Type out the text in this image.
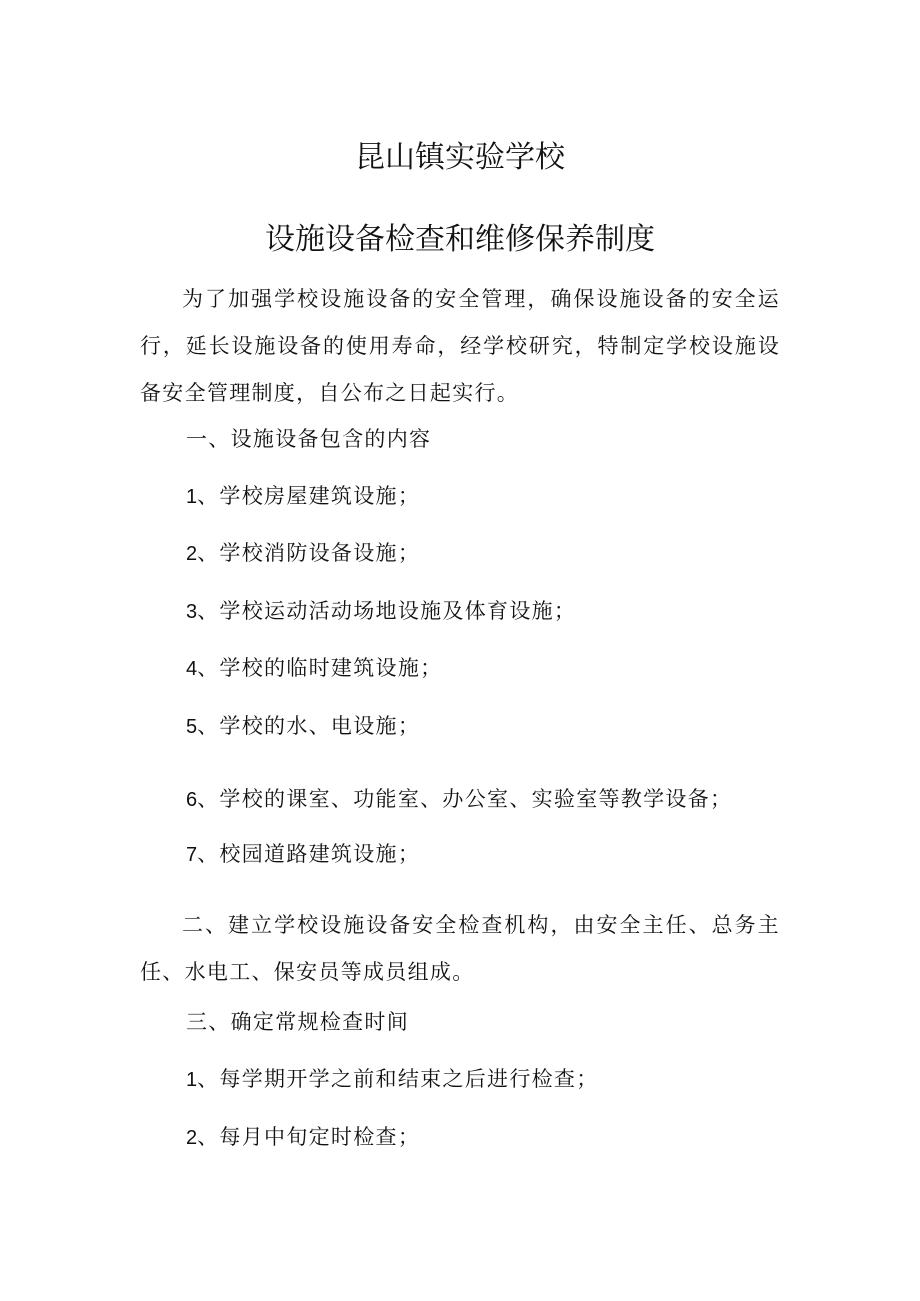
昆山镇实验学校
设施设备检查和维修保养制度

为了加强学校设施设备的安全管理，确保设施设备的安全运行，延长设施设备的使用寿命，经学校研究，特制定学校设施设备安全管理制度，自公布之日起实行。

一、设施设备包含的内容
1、学校房屋建筑设施；
2、学校消防设备设施；
3、学校运动活动场地设施及体育设施；
4、学校的临时建筑设施；
5、学校的水、电设施；
6、学校的课室、功能室、办公室、实验室等教学设备；
7、校园道路建筑设施；

二、建立学校设施设备安全检查机构，由安全主任、总务主任、水电工、保安员等成员组成。

三、确定常规检查时间
1、每学期开学之前和结束之后进行检查；
2、每月中旬定时检查；
